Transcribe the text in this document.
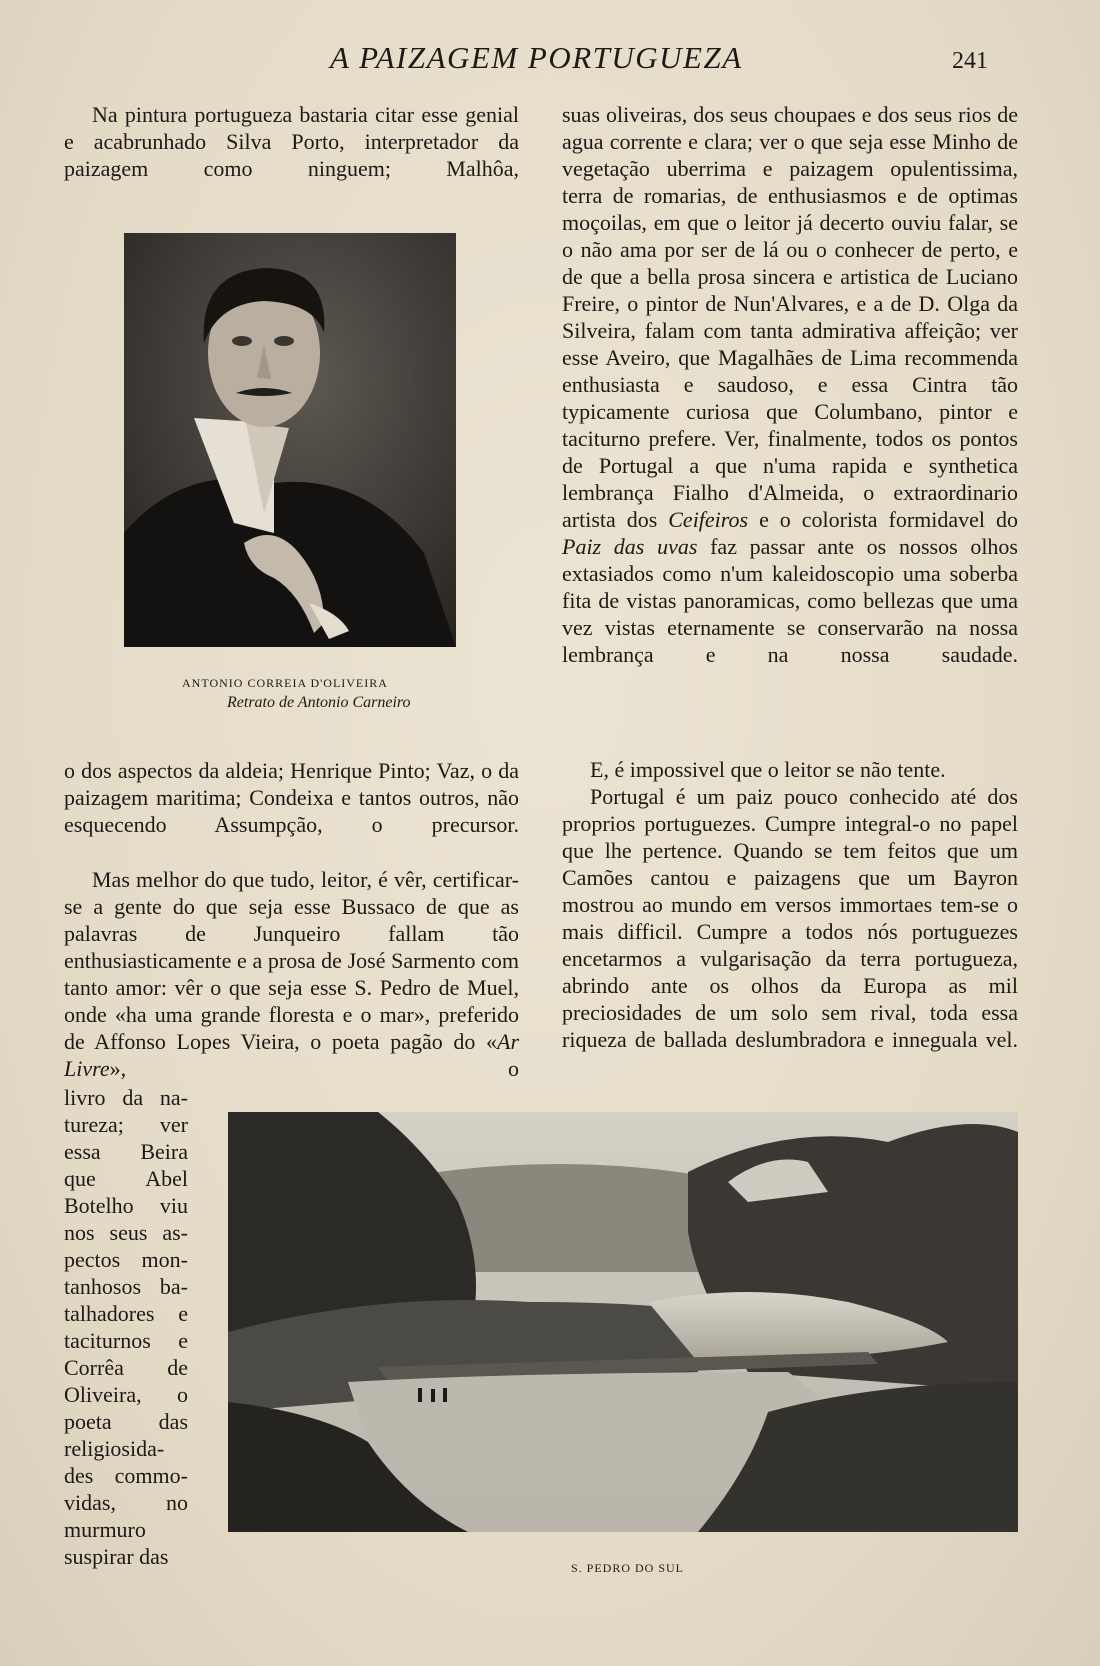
A PAIZAGEM PORTUGUEZA	241

Na pintura portugueza bastaria citar esse genial e acabrunhado Silva Porto, interpretador da paizagem como ninguem; Malhôa,

ANTONIO CORREIA D'OLIVEIRA
Retrato de Antonio Carneiro

o dos aspectos da aldeia; Henrique Pinto; Vaz, o da paizagem maritima; Condeixa e tantos outros, não esquecendo Assumpção, o precursor.

Mas melhor do que tudo, leitor, é vêr, certificar-se a gente do que seja esse Bussaco de que as palavras de Junqueiro fallam tão enthusiasticamente e a prosa de José Sarmento com tanto amor: vêr o que seja esse S. Pedro de Muel, onde «ha uma grande floresta e o mar», preferido de Affonso Lopes Vieira, o poeta pagão do «Ar Livre», o

livro da na-

tureza; ver

essa Beira

que Abel

Botelho viu

nos seus as-

pectos mon-

tanhosos ba-

talhadores e

taciturnos e

Corrêa de

Oliveira, o

poeta das

religiosida-

des commo-

vidas, no

murmuro

suspirar das

suas oliveiras, dos seus choupaes e dos seus rios de agua corrente e clara; ver o que seja esse Minho de vegetação uberrima e paizagem opulentissima, terra de romarias, de enthusiasmos e de optimas moçoilas, em que o leitor já decerto ouviu falar, se o não ama por ser de lá ou o conhecer de perto, e de que a bella prosa sincera e artistica de Luciano Freire, o pintor de Nun'Alvares, e a de D. Olga da Silveira, falam com tanta admirativa affeição; ver esse Aveiro, que Magalhães de Lima recommenda enthusiasta e saudoso, e essa Cintra tão typicamente curiosa que Columbano, pintor e taciturno prefere. Ver, finalmente, todos os pontos de Portugal a que n'uma rapida e synthetica lembrança Fialho d'Almeida, o extraordinario artista dos Ceifeiros e o colorista formidavel do Paiz das uvas faz passar ante os nossos olhos extasiados como n'um kaleidoscopio uma soberba fita de vistas panoramicas, como bellezas que uma vez vistas eternamente se conservarão na nossa lembrança e na nossa saudade.

E, é impossivel que o leitor se não tente.

Portugal é um paiz pouco conhecido até dos proprios portuguezes. Cumpre integral-o no papel que lhe pertence. Quando se tem feitos que um Camões cantou e paizagens que um Bayron mostrou ao mundo em versos immortaes tem-se o mais difficil. Cumpre a todos nós portuguezes encetarmos a vulgarisação da terra portugueza, abrindo ante os olhos da Europa as mil preciosidades de um solo sem rival, toda essa riqueza de ballada deslumbradora e inneguala vel.

S. PEDRO DO SUL
